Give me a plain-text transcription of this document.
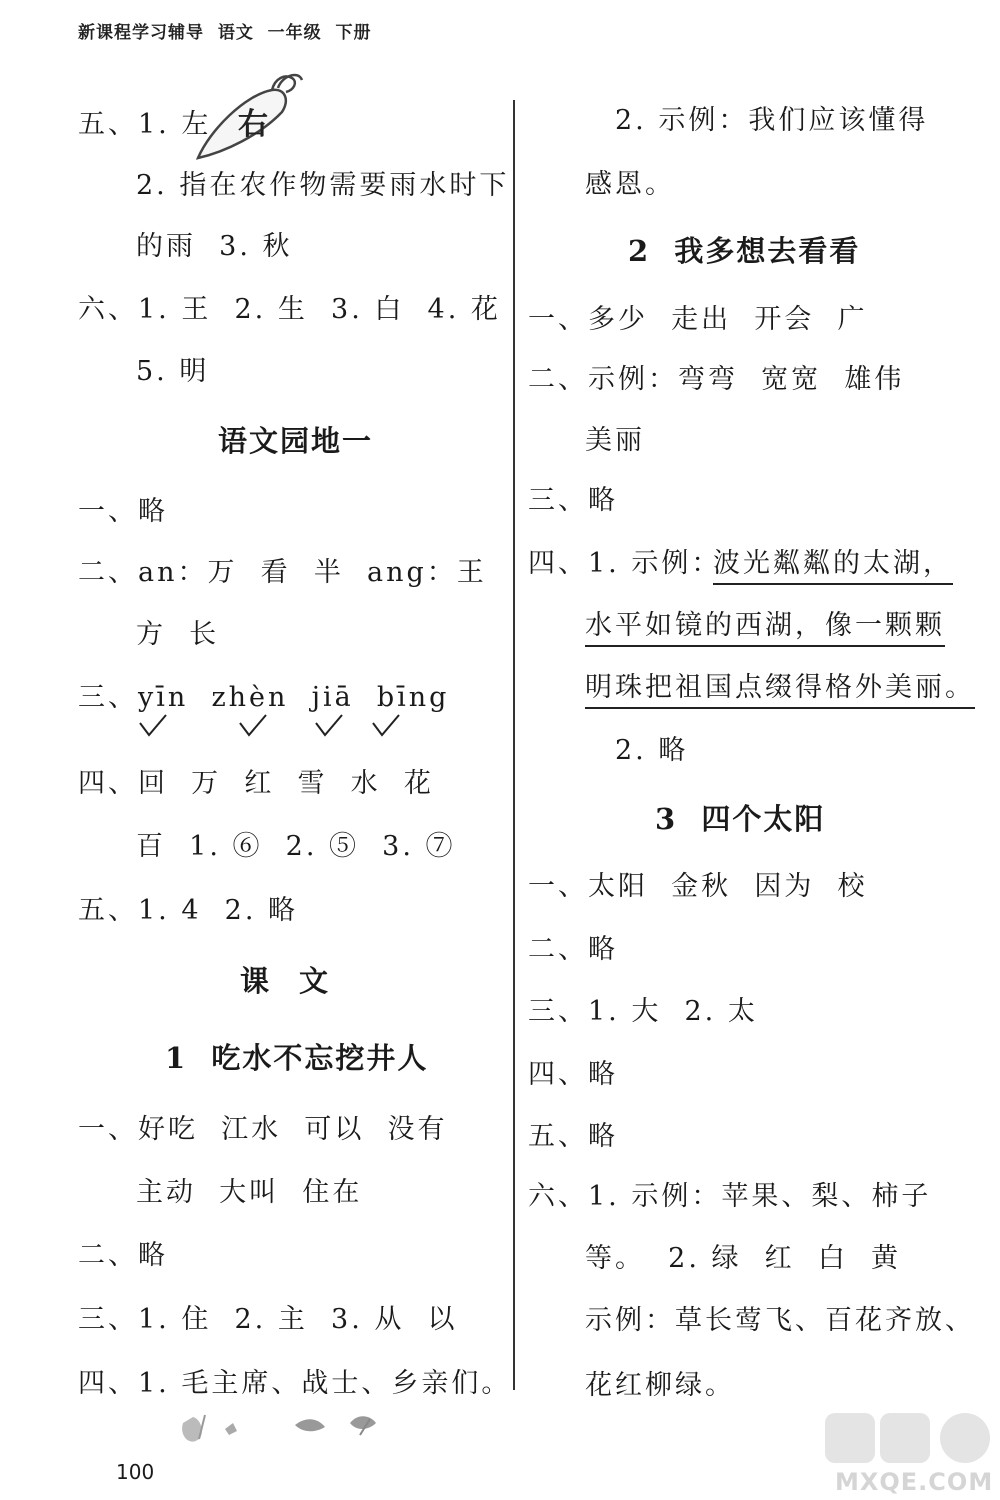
新课程学习辅导  语文  一年级  下册
五、1. 左
2. 指在农作物需要雨水时下
的雨  3. 秋
六、1. 王  2. 生  3. 白  4. 花
5. 明
一、略
二、an：万  看  半  ang：王
方  长
三、yīn  zhèn  jiā  bīng
四、回  万  红  雪  水  花
百  1. ⑥  2. ⑤  3. ⑦
五、1. 4  2. 略
一、好吃  江水  可以  没有
主动  大叫  住在
二、略
三、1. 住  2. 主  3. 从  以
四、1. 毛主席、战士、乡亲们。
语文园地一
课文
1  吃水不忘挖井人
2. 示例：我们应该懂得
感恩。
一、多少  走出  开会  广
二、示例：弯弯  宽宽  雄伟
美丽
三、略
四、1. 示例：
波光粼粼的太湖，
水平如镜的西湖，像一颗颗
明珠把祖国点缀得格外美丽。
2. 略
一、太阳  金秋  因为  校
二、略
三、1. 大  2. 太
四、略
五、略
六、1. 示例：苹果、梨、柿子
等。  2. 绿  红  白  黄
示例：草长莺飞、百花齐放、
花红柳绿。
2  我多想去看看
3  四个太阳
右
100	MXQE.COM
